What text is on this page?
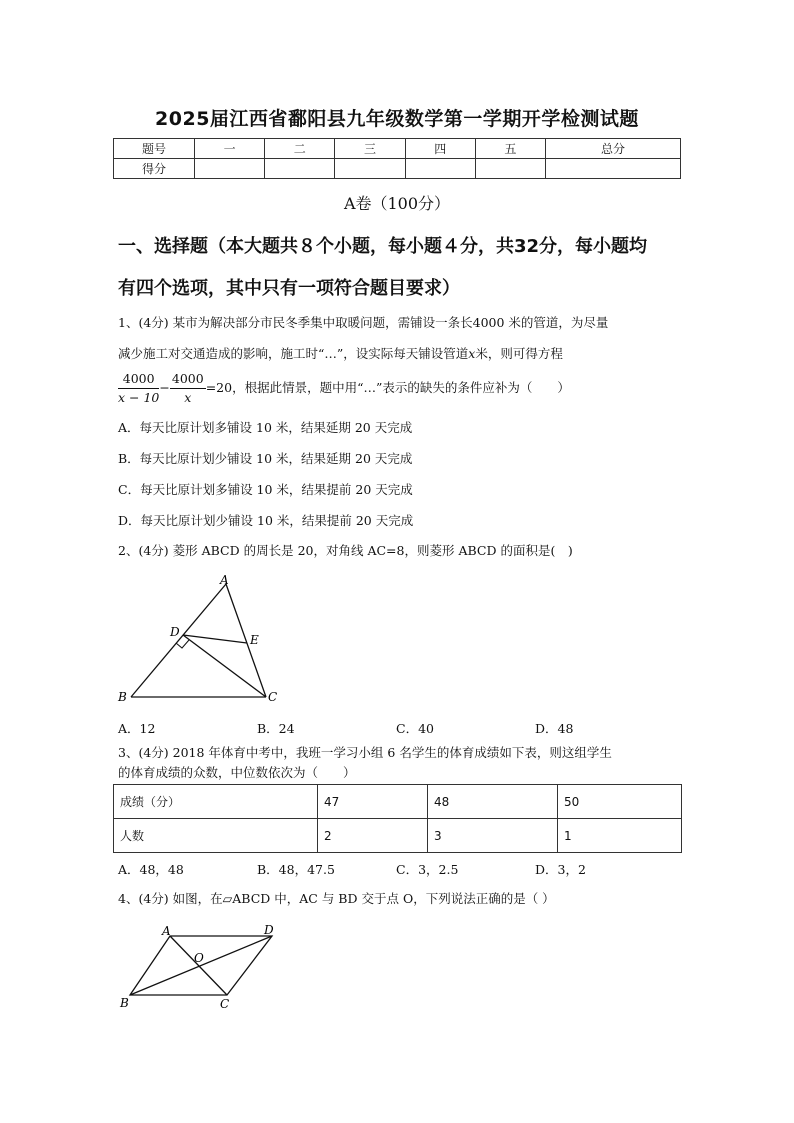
2025届江西省鄱阳县九年级数学第一学期开学检测试题
题号	一	二	三	四	五	总分
得分						
A卷（100分）
一、选择题（本大题共８个小题，每小题４分，共32分，每小题均
有四个选项，其中只有一项符合题目要求）
1、(4分) 某市为解决部分市民冬季集中取暖问题，需铺设一条长4000 米的管道，为尽量
减少施工对交通造成的影响，施工时“…”，设实际每天铺设管道x米，则可得方程
$\frac{4000}{x - 10} - \frac{4000}{x} =20$，根据此情景，题中用“…”表示的缺失的条件应补为（　　）
A．每天比原计划多铺设 10 米，结果延期 20 天完成
B．每天比原计划少铺设 10 米，结果延期 20 天完成
C．每天比原计划多铺设 10 米，结果提前 20 天完成
D．每天比原计划少铺设 10 米，结果提前 20 天完成
2、(4分) 菱形 ABCD 的周长是 20，对角线 AC=8，则菱形 ABCD 的面积是(　)
A
B	C
D
E
A．12	B．24	C．40	D．48
3、(4分) 2018 年体育中考中，我班一学习小组 6 名学生的体育成绩如下表，则这组学生
的体育成绩的众数，中位数依次为（　　）
成绩（分）	47	48	50
人数	2	3	1
A．48，48	B．48，47.5	C．3，2.5	D．3，2
4、(4分) 如图，在▱ABCD 中，AC 与 BD 交于点 O，下列说法正确的是（ ）
A	D
B	C
O
